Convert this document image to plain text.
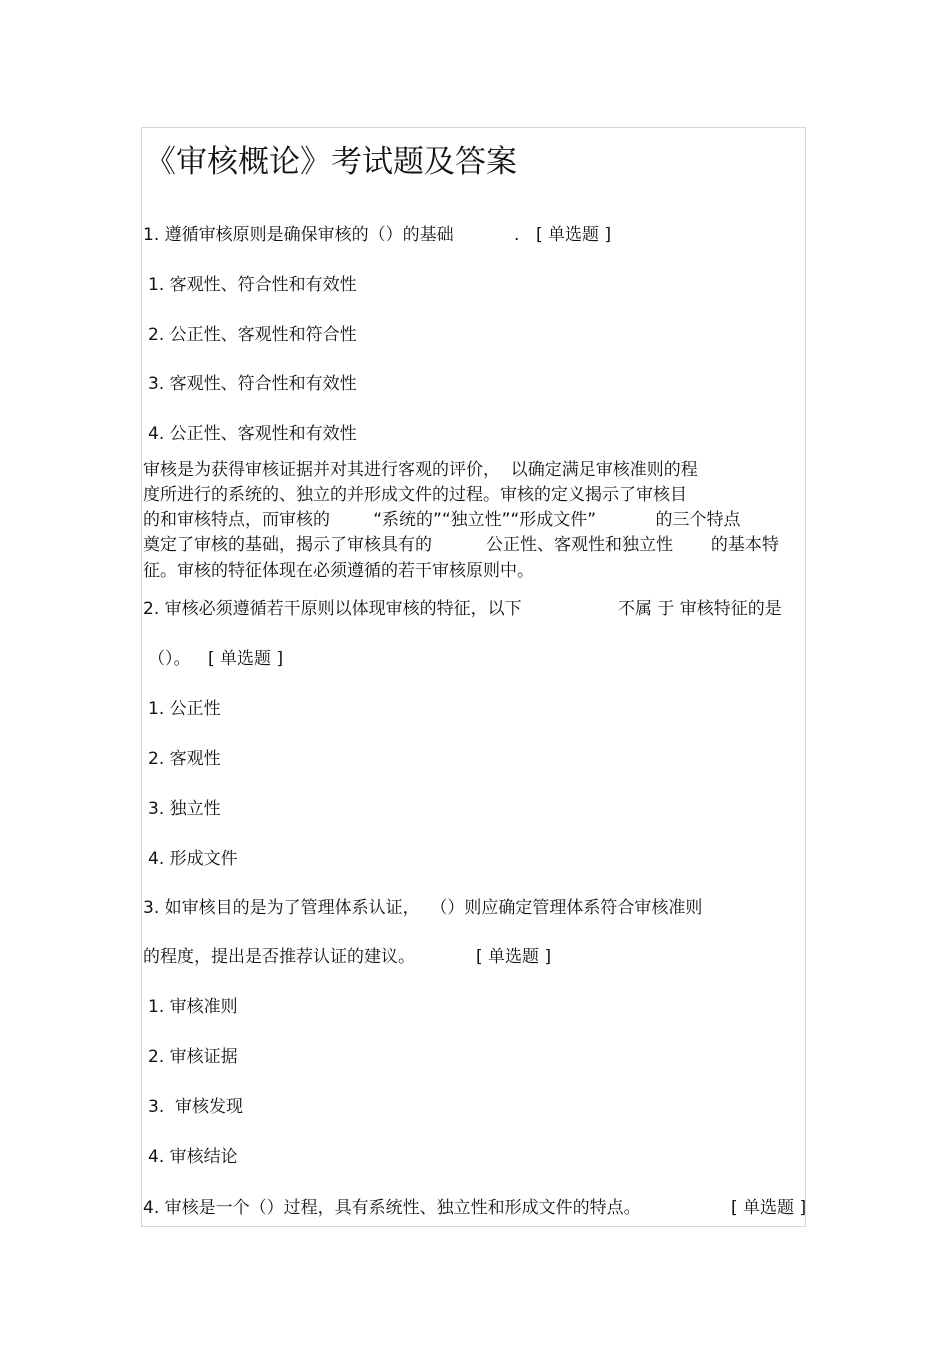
《审核概论》考试题及答案
1. 遵循审核原则是确保审核的（）的基础	. [ 单选题 ]
1. 客观性、符合性和有效性
2. 公正性、客观性和符合性
3. 客观性、符合性和有效性
4. 公正性、客观性和有效性
审核是为获得审核证据并对其进行客观的评价，  以确定满足审核准则的程
度所进行的系统的、独立的并形成文件的过程。审核的定义揭示了审核目
的和审核特点，而审核的        “系统的”“独立性”“形成文件”           的三个特点
奠定了审核的基础，揭示了审核具有的          公正性、客观性和独立性       的基本特
征。审核的特征体现在必须遵循的若干审核原则中。
2. 审核必须遵循若干原则以体现审核的特征，以下	不属 于 审核特征的是
（）。 [ 单选题 ]
1. 公正性
2. 客观性
3. 独立性
4. 形成文件
3. 如审核目的是为了管理体系认证，  （）则应确定管理体系符合审核准则
的程度，提出是否推荐认证的建议。	[ 单选题 ]
1. 审核准则
2. 审核证据
3.  审核发现
4. 审核结论
4. 审核是一个（）过程，具有系统性、独立性和形成文件的特点。	[ 单选题 ]
